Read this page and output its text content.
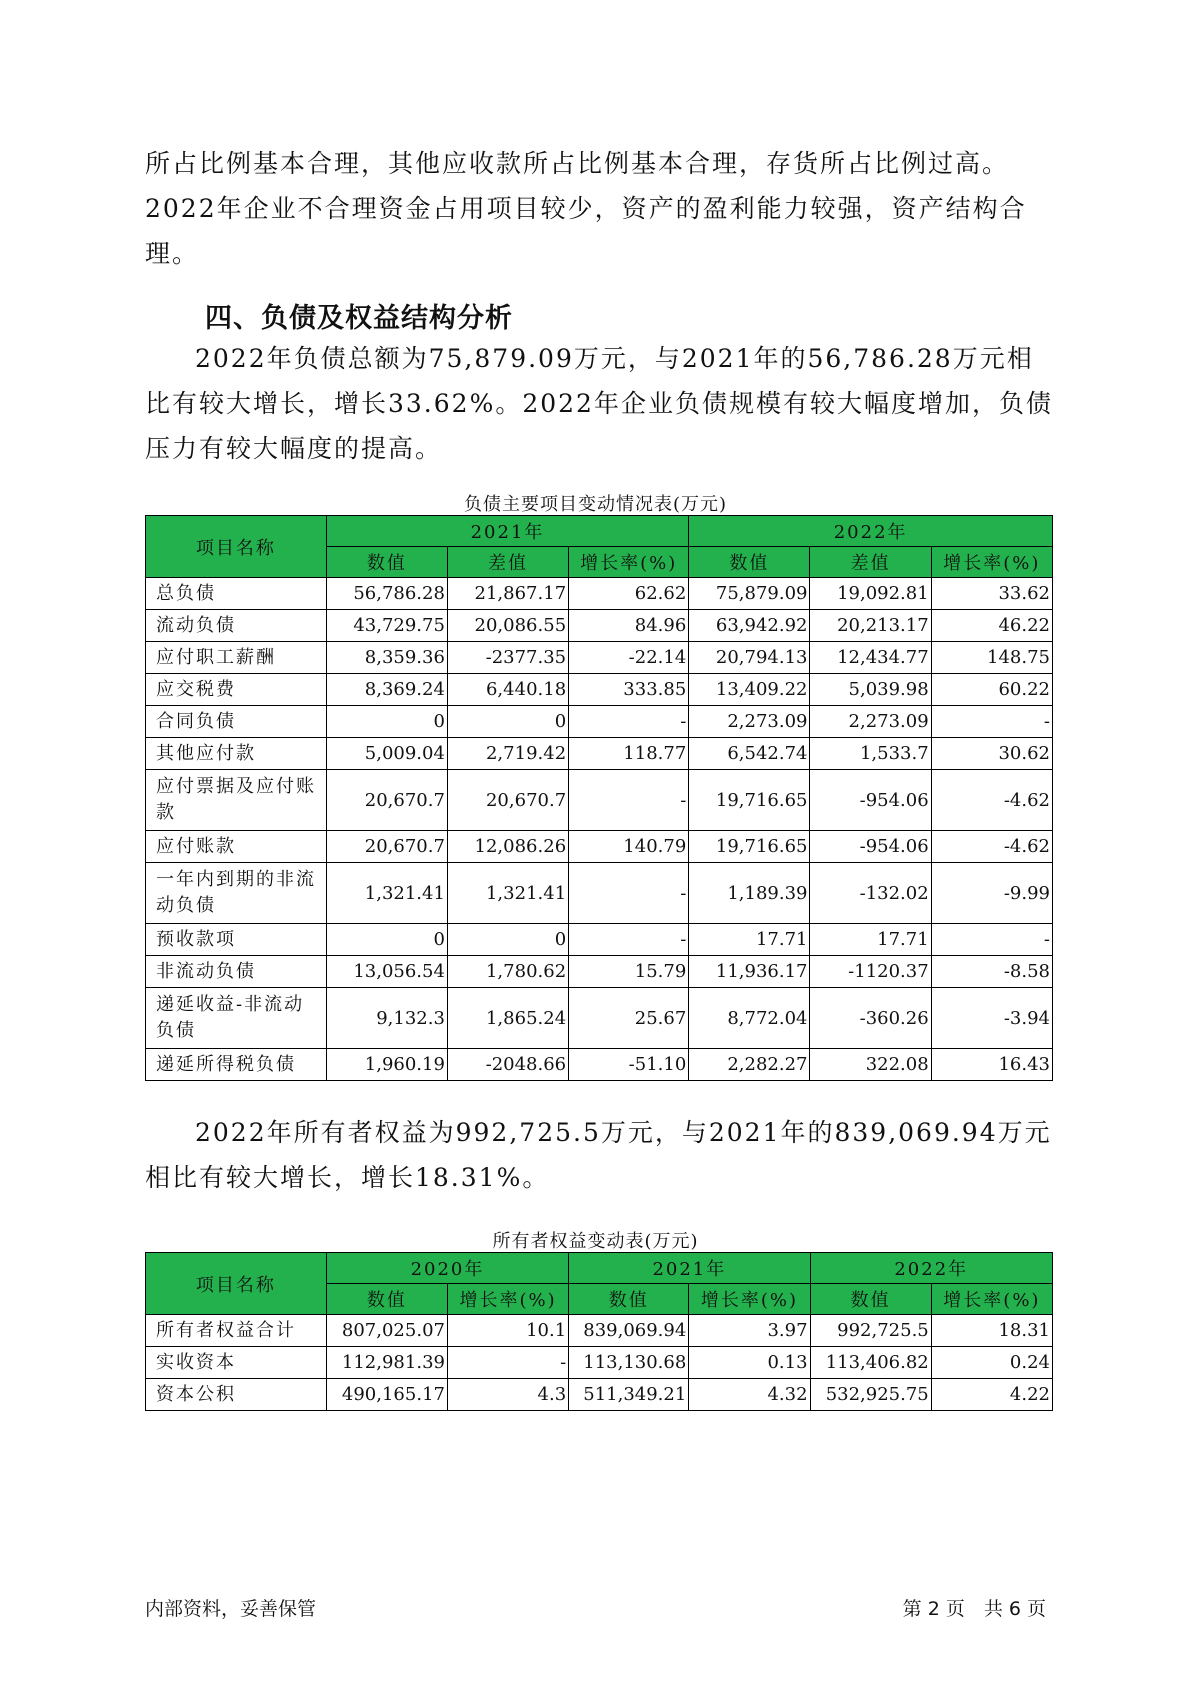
所占比例基本合理，其他应收款所占比例基本合理，存货所占比例过高。2022年企业不合理资金占用项目较少，资产的盈利能力较强，资产结构合理。

四、负债及权益结构分析

2022年负债总额为75,879.09万元，与2021年的56,786.28万元相比有较大增长，增长33.62%。2022年企业负债规模有较大幅度增加，负债压力有较大幅度的提高。

负债主要项目变动情况表(万元)
项目名称	2021年			2022年		
	数值	差值	增长率(%)	数值	差值	增长率(%)
总负债	56,786.28	21,867.17	62.62	75,879.09	19,092.81	33.62
流动负债	43,729.75	20,086.55	84.96	63,942.92	20,213.17	46.22
应付职工薪酬	8,359.36	-2377.35	-22.14	20,794.13	12,434.77	148.75
应交税费	8,369.24	6,440.18	333.85	13,409.22	5,039.98	60.22
合同负债	0	0	-	2,273.09	2,273.09	-
其他应付款	5,009.04	2,719.42	118.77	6,542.74	1,533.7	30.62
应付票据及应付账款	20,670.7	20,670.7	-	19,716.65	-954.06	-4.62
应付账款	20,670.7	12,086.26	140.79	19,716.65	-954.06	-4.62
一年内到期的非流动负债	1,321.41	1,321.41	-	1,189.39	-132.02	-9.99
预收款项	0	0	-	17.71	17.71	-
非流动负债	13,056.54	1,780.62	15.79	11,936.17	-1120.37	-8.58
递延收益-非流动负债	9,132.3	1,865.24	25.67	8,772.04	-360.26	-3.94
递延所得税负债	1,960.19	-2048.66	-51.10	2,282.27	322.08	16.43

2022年所有者权益为992,725.5万元，与2021年的839,069.94万元相比有较大增长，增长18.31%。

所有者权益变动表(万元)
项目名称	2020年		2021年		2022年	
	数值	增长率(%)	数值	增长率(%)	数值	增长率(%)
所有者权益合计	807,025.07	10.1	839,069.94	3.97	992,725.5	18.31
实收资本	112,981.39	-	113,130.68	0.13	113,406.82	0.24
资本公积	490,165.17	4.3	511,349.21	4.32	532,925.75	4.22
内部资料，妥善保管	第 2 页　共 6 页
